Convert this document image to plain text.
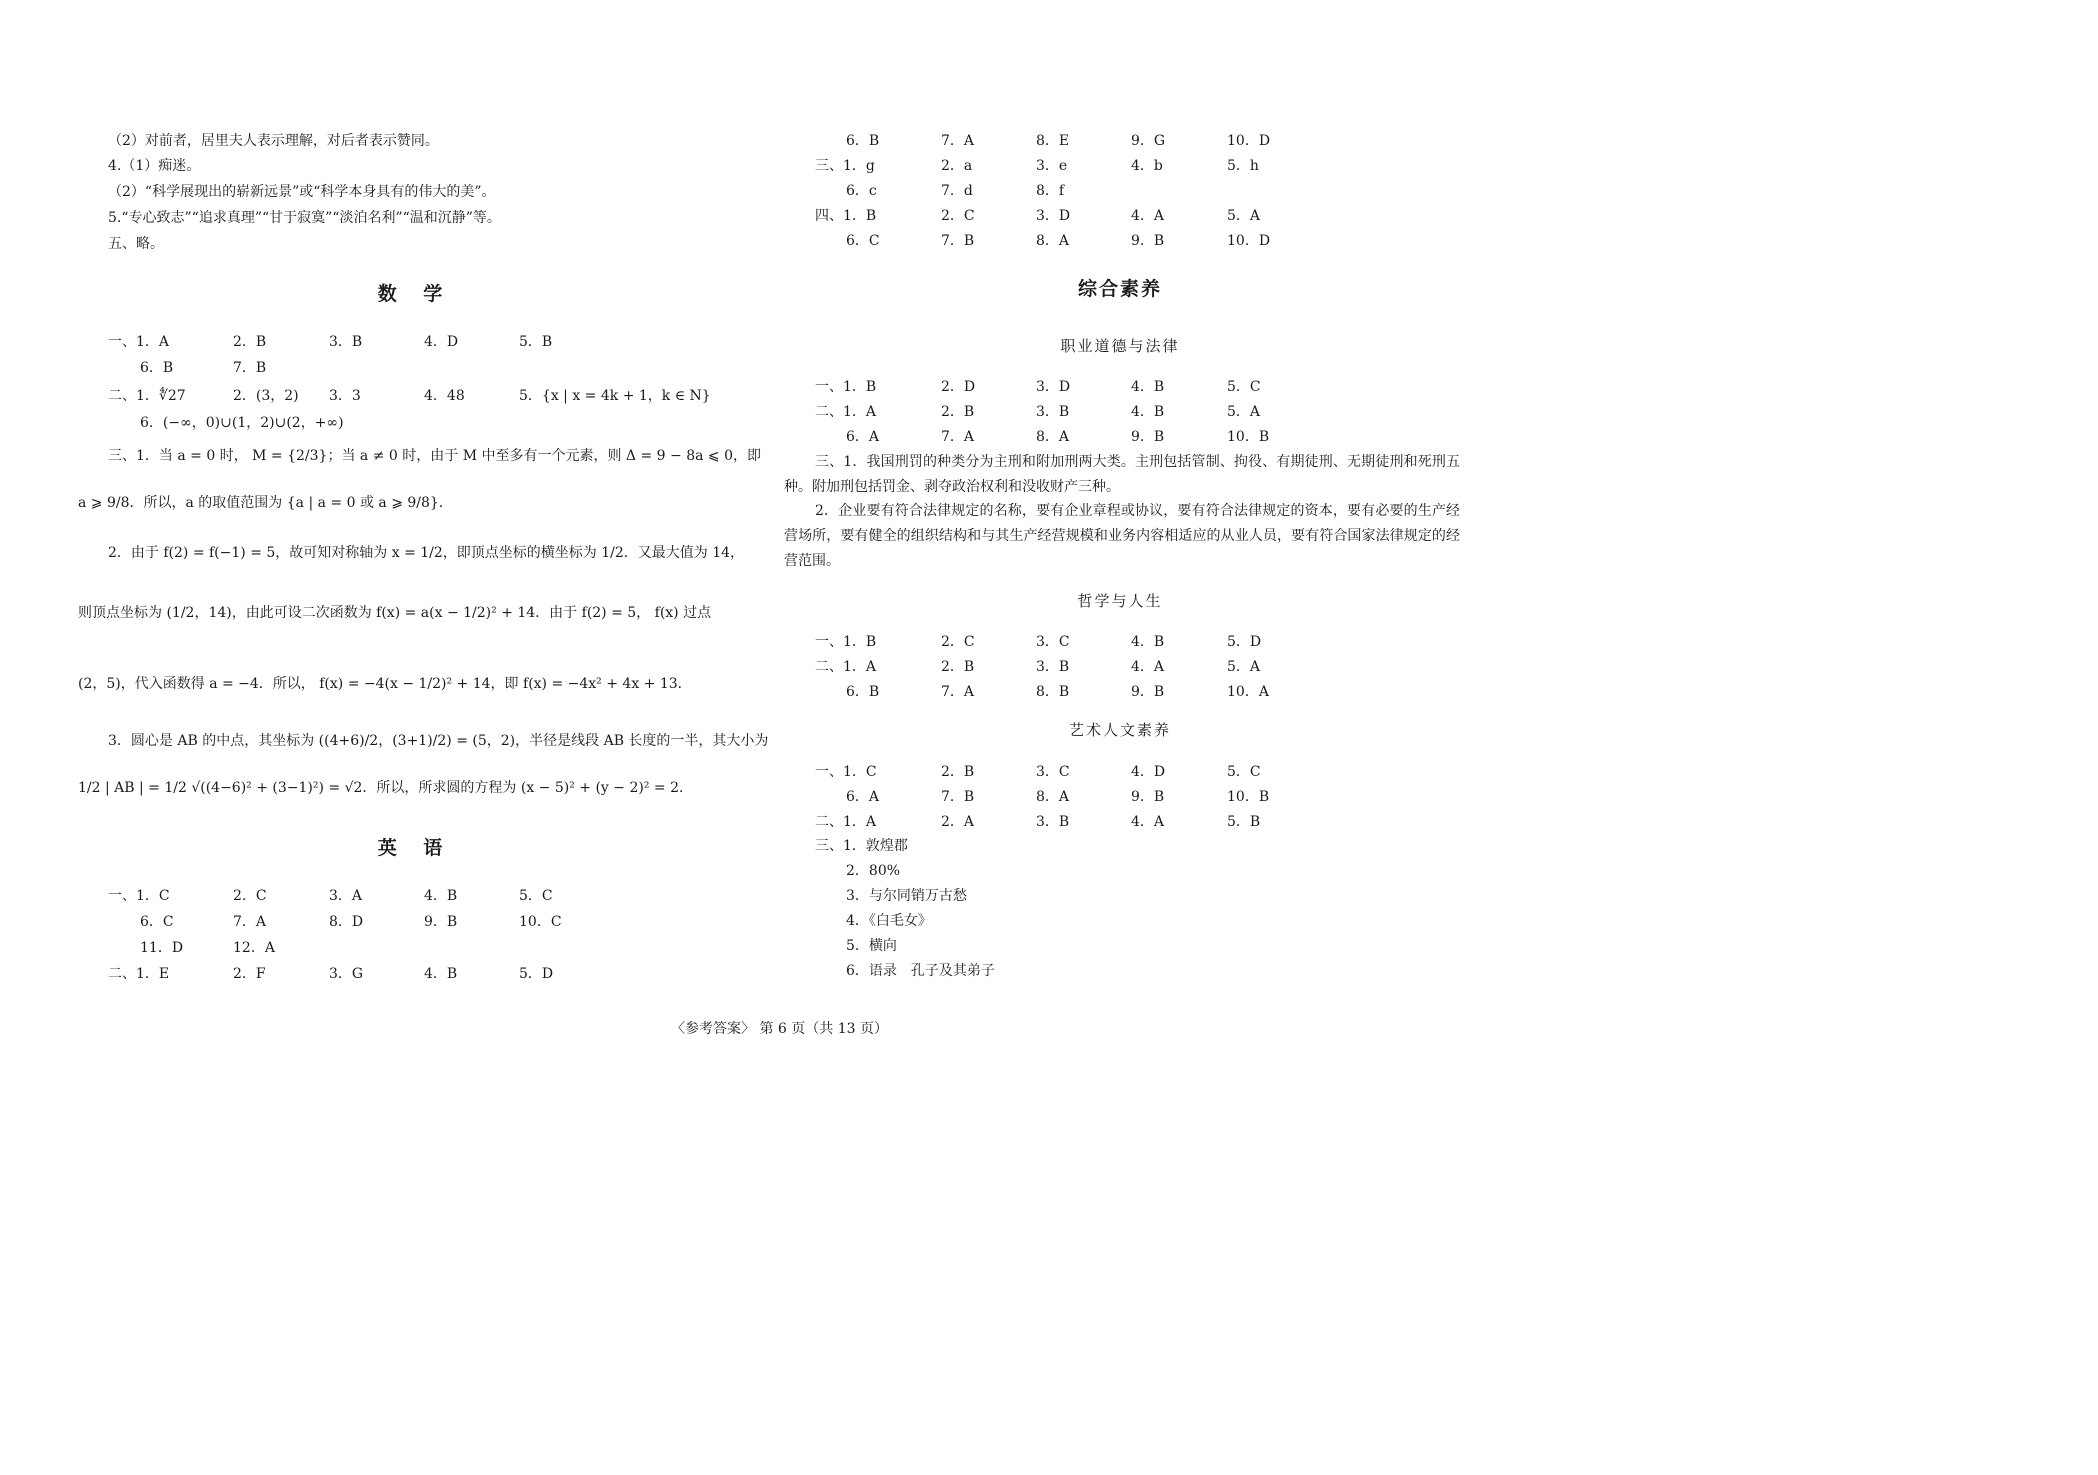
（2）对前者，居里夫人表示理解，对后者表示赞同。
4.（1）痴迷。
（2）“科学展现出的崭新远景”或“科学本身具有的伟大的美”。
5.“专心致志”“追求真理”“甘于寂寞”“淡泊名利”“温和沉静”等。
五、略。
数 学
一、1．A	2．B	3．B	4．D	5．B
6．B	7．B
二、1．∜27	2．(3，2) 3．3	4．48	5．{x | x = 4k + 1，k ∈ N}
6．(−∞，0)∪(1，2)∪(2，+∞)
三、1．当 a = 0 时， M = {2/3}；当 a ≠ 0 时，由于 M 中至多有一个元素，则 Δ = 9 − 8a ⩽ 0，即
a ⩾ 9/8．所以，a 的取值范围为 {a | a = 0 或 a ⩾ 9/8}．
2．由于 f(2) = f(−1) = 5，故可知对称轴为 x = 1/2，即顶点坐标的横坐标为 1/2．又最大值为 14，
则顶点坐标为 (1/2，14)，由此可设二次函数为 f(x) = a(x − 1/2)² + 14．由于 f(2) = 5， f(x) 过点
(2，5)，代入函数得 a = −4．所以， f(x) = −4(x − 1/2)² + 14，即 f(x) = −4x² + 4x + 13．
3．圆心是 AB 的中点，其坐标为 ((4+6)/2，(3+1)/2) = (5，2)，半径是线段 AB 长度的一半，其大小为
1/2 | AB | = 1/2 √((4−6)² + (3−1)²) = √2．所以，所求圆的方程为 (x − 5)² + (y − 2)² = 2．
英 语
一、1．C	2．C	3．A	4．B	5．C
6．C	7．A	8．D	9．B	10．C
11．D	12．A
二、1．E	2．F	3．G	4．B	5．D
6．B	7．A	8．E	9．G	10．D
三、1．g	2．a	3．e	4．b	5．h
6．c	7．d	8．f
四、1．B	2．C	3．D	4．A	5．A
6．C	7．B	8．A	9．B	10．D
综合素养
职业道德与法律
一、1．B	2．D	3．D	4．B	5．C
二、1．A	2．B	3．B	4．B	5．A
6．A	7．A	8．A	9．B	10．B
三、1．我国刑罚的种类分为主刑和附加刑两大类。主刑包括管制、拘役、有期徒刑、无期徒刑和死刑五种。附加刑包括罚金、剥夺政治权利和没收财产三种。
2．企业要有符合法律规定的名称，要有企业章程或协议，要有符合法律规定的资本，要有必要的生产经营场所，要有健全的组织结构和与其生产经营规模和业务内容相适应的从业人员，要有符合国家法律规定的经营范围。
哲学与人生
一、1．B	2．C	3．C	4．B	5．D
二、1．A	2．B	3．B	4．A	5．A
6．B	7．A	8．B	9．B	10．A
艺术人文素养
一、1．C	2．B	3．C	4．D	5．C
6．A	7．B	8．A	9．B	10．B
二、1．A	2．A	3．B	4．A	5．B
三、1．敦煌郡
2．80%
3．与尔同销万古愁
4．《白毛女》
5．横向
6．语录　孔子及其弟子
〈参考答案〉 第 6 页（共 13 页）
